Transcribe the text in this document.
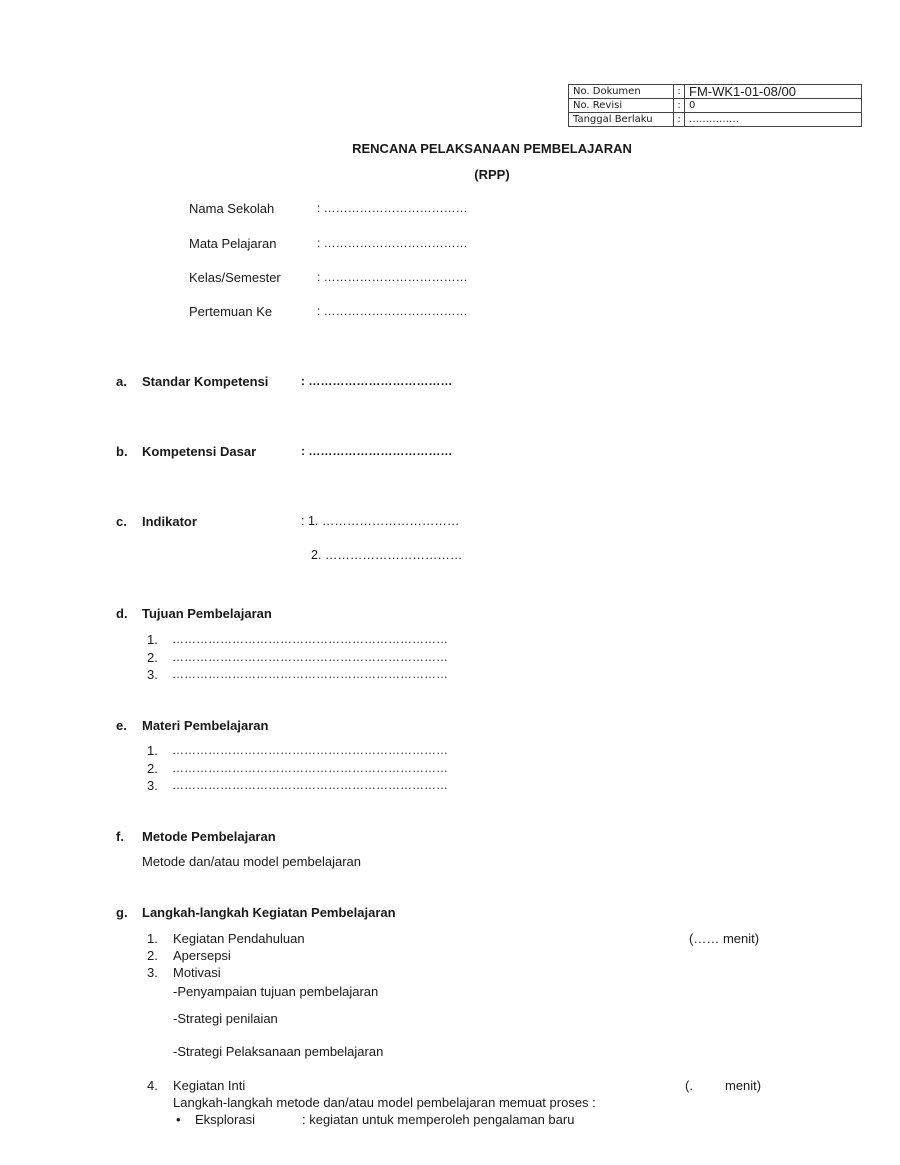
No. Dokumen	:	FM-WK1-01-08/00
No. Revisi	:	0
Tanggal Berlaku	:	……………
RENCANA PELAKSANAAN PEMBELAJARAN
(RPP)
Nama Sekolah	: ………………………………
Mata Pelajaran	: ………………………………
Kelas/Semester	: ………………………………
Pertemuan Ke	: ………………………………
a. Standar Kompetensi	: ………………………………
b. Kompetensi Dasar	: ………………………………
c. Indikator	: 1. ……………………………
2. ……………………………
d. Tujuan Pembelajaran
1. ……………………………………………………………
2. ……………………………………………………………
3. ……………………………………………………………
e. Materi Pembelajaran
1. ……………………………………………………………
2. ……………………………………………………………
3. ……………………………………………………………
f. Metode Pembelajaran
Metode dan/atau model pembelajaran
g. Langkah-langkah Kegiatan Pembelajaran
1. Kegiatan Pendahuluan	(…… menit)
2. Apersepsi
3. Motivasi
-Penyampaian tujuan pembelajaran
-Strategi penilaian
-Strategi Pelaksanaan pembelajaran
4. Kegiatan Inti	(. menit)
Langkah-langkah metode dan/atau model pembelajaran memuat proses :
• Eksplorasi	: kegiatan untuk memperoleh pengalaman baru
